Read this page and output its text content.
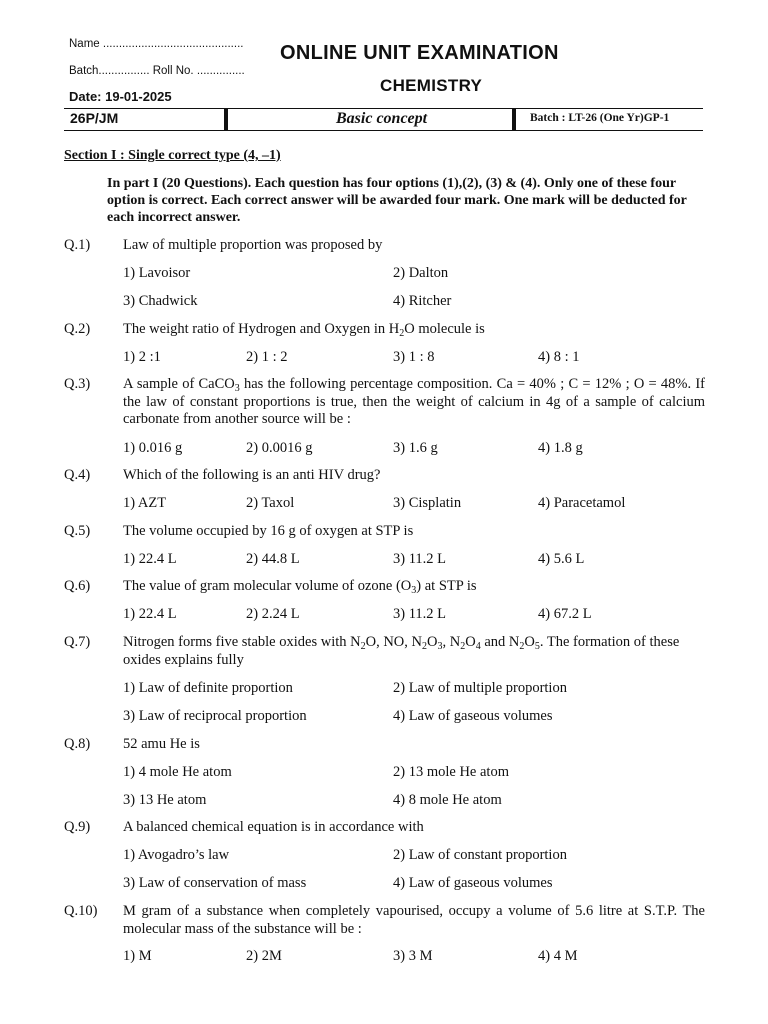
Name ............................................
Batch................ Roll No. ...............
Date: 19-01-2025
ONLINE UNIT EXAMINATION
CHEMISTRY
26P/JM	Basic concept	Batch : LT-26 (One Yr)GP-1
Section I : Single correct type (4, –1)
In part I (20 Questions). Each question has four options (1),(2), (3) & (4). Only one of these four option is correct. Each correct answer will be awarded four mark. One mark will be deducted for each incorrect answer.
Q.1) Law of multiple proportion was proposed by
1) Lavoisor	2) Dalton
3) Chadwick	4) Ritcher
Q.2) The weight ratio of Hydrogen and Oxygen in $H_2O$ molecule is
1) 2 :1	2) 1 : 2	3) 1 : 8	4) 8 : 1
Q.3) A sample of CaCO$_3$ has the following percentage composition. Ca = 40% ; C = 12% ; O = 48%. If the law of constant proportions is true, then the weight of calcium in 4g of a sample of calcium carbonate from another source will be :
1) 0.016 g	2) 0.0016 g	3) 1.6 g	4) 1.8 g
Q.4) Which of the following is an anti HIV drug?
1) AZT	2) Taxol	3) Cisplatin	4) Paracetamol
Q.5) The volume occupied by 16 g of oxygen at STP is
1) 22.4 L	2) 44.8 L	3) 11.2 L	4) 5.6 L
Q.6) The value of gram molecular volume of ozone $(O_3)$ at STP is
1) 22.4 L	2) 2.24 L	3) 11.2 L	4) 67.2 L
Q.7) Nitrogen forms five stable oxides with $N_2O$, NO, $N_2O_3$, $N_2O_4$ and $N_2O_5$. The formation of these oxides explains fully
1) Law of definite proportion	2) Law of multiple proportion
3) Law of reciprocal proportion	4) Law of gaseous volumes
Q.8) 52 amu He is
1) 4 mole He atom	2) 13 mole He atom
3) 13 He atom	4) 8 mole He atom
Q.9) A balanced chemical equation is in accordance with
1) Avogadro’s law	2) Law of constant proportion
3) Law of conservation of mass	4) Law of gaseous volumes
Q.10) M gram of a substance when completely vapourised, occupy a volume of 5.6 litre at S.T.P. The molecular mass of the substance will be :
1) M	2) 2M	3) 3 M	4) 4 M
